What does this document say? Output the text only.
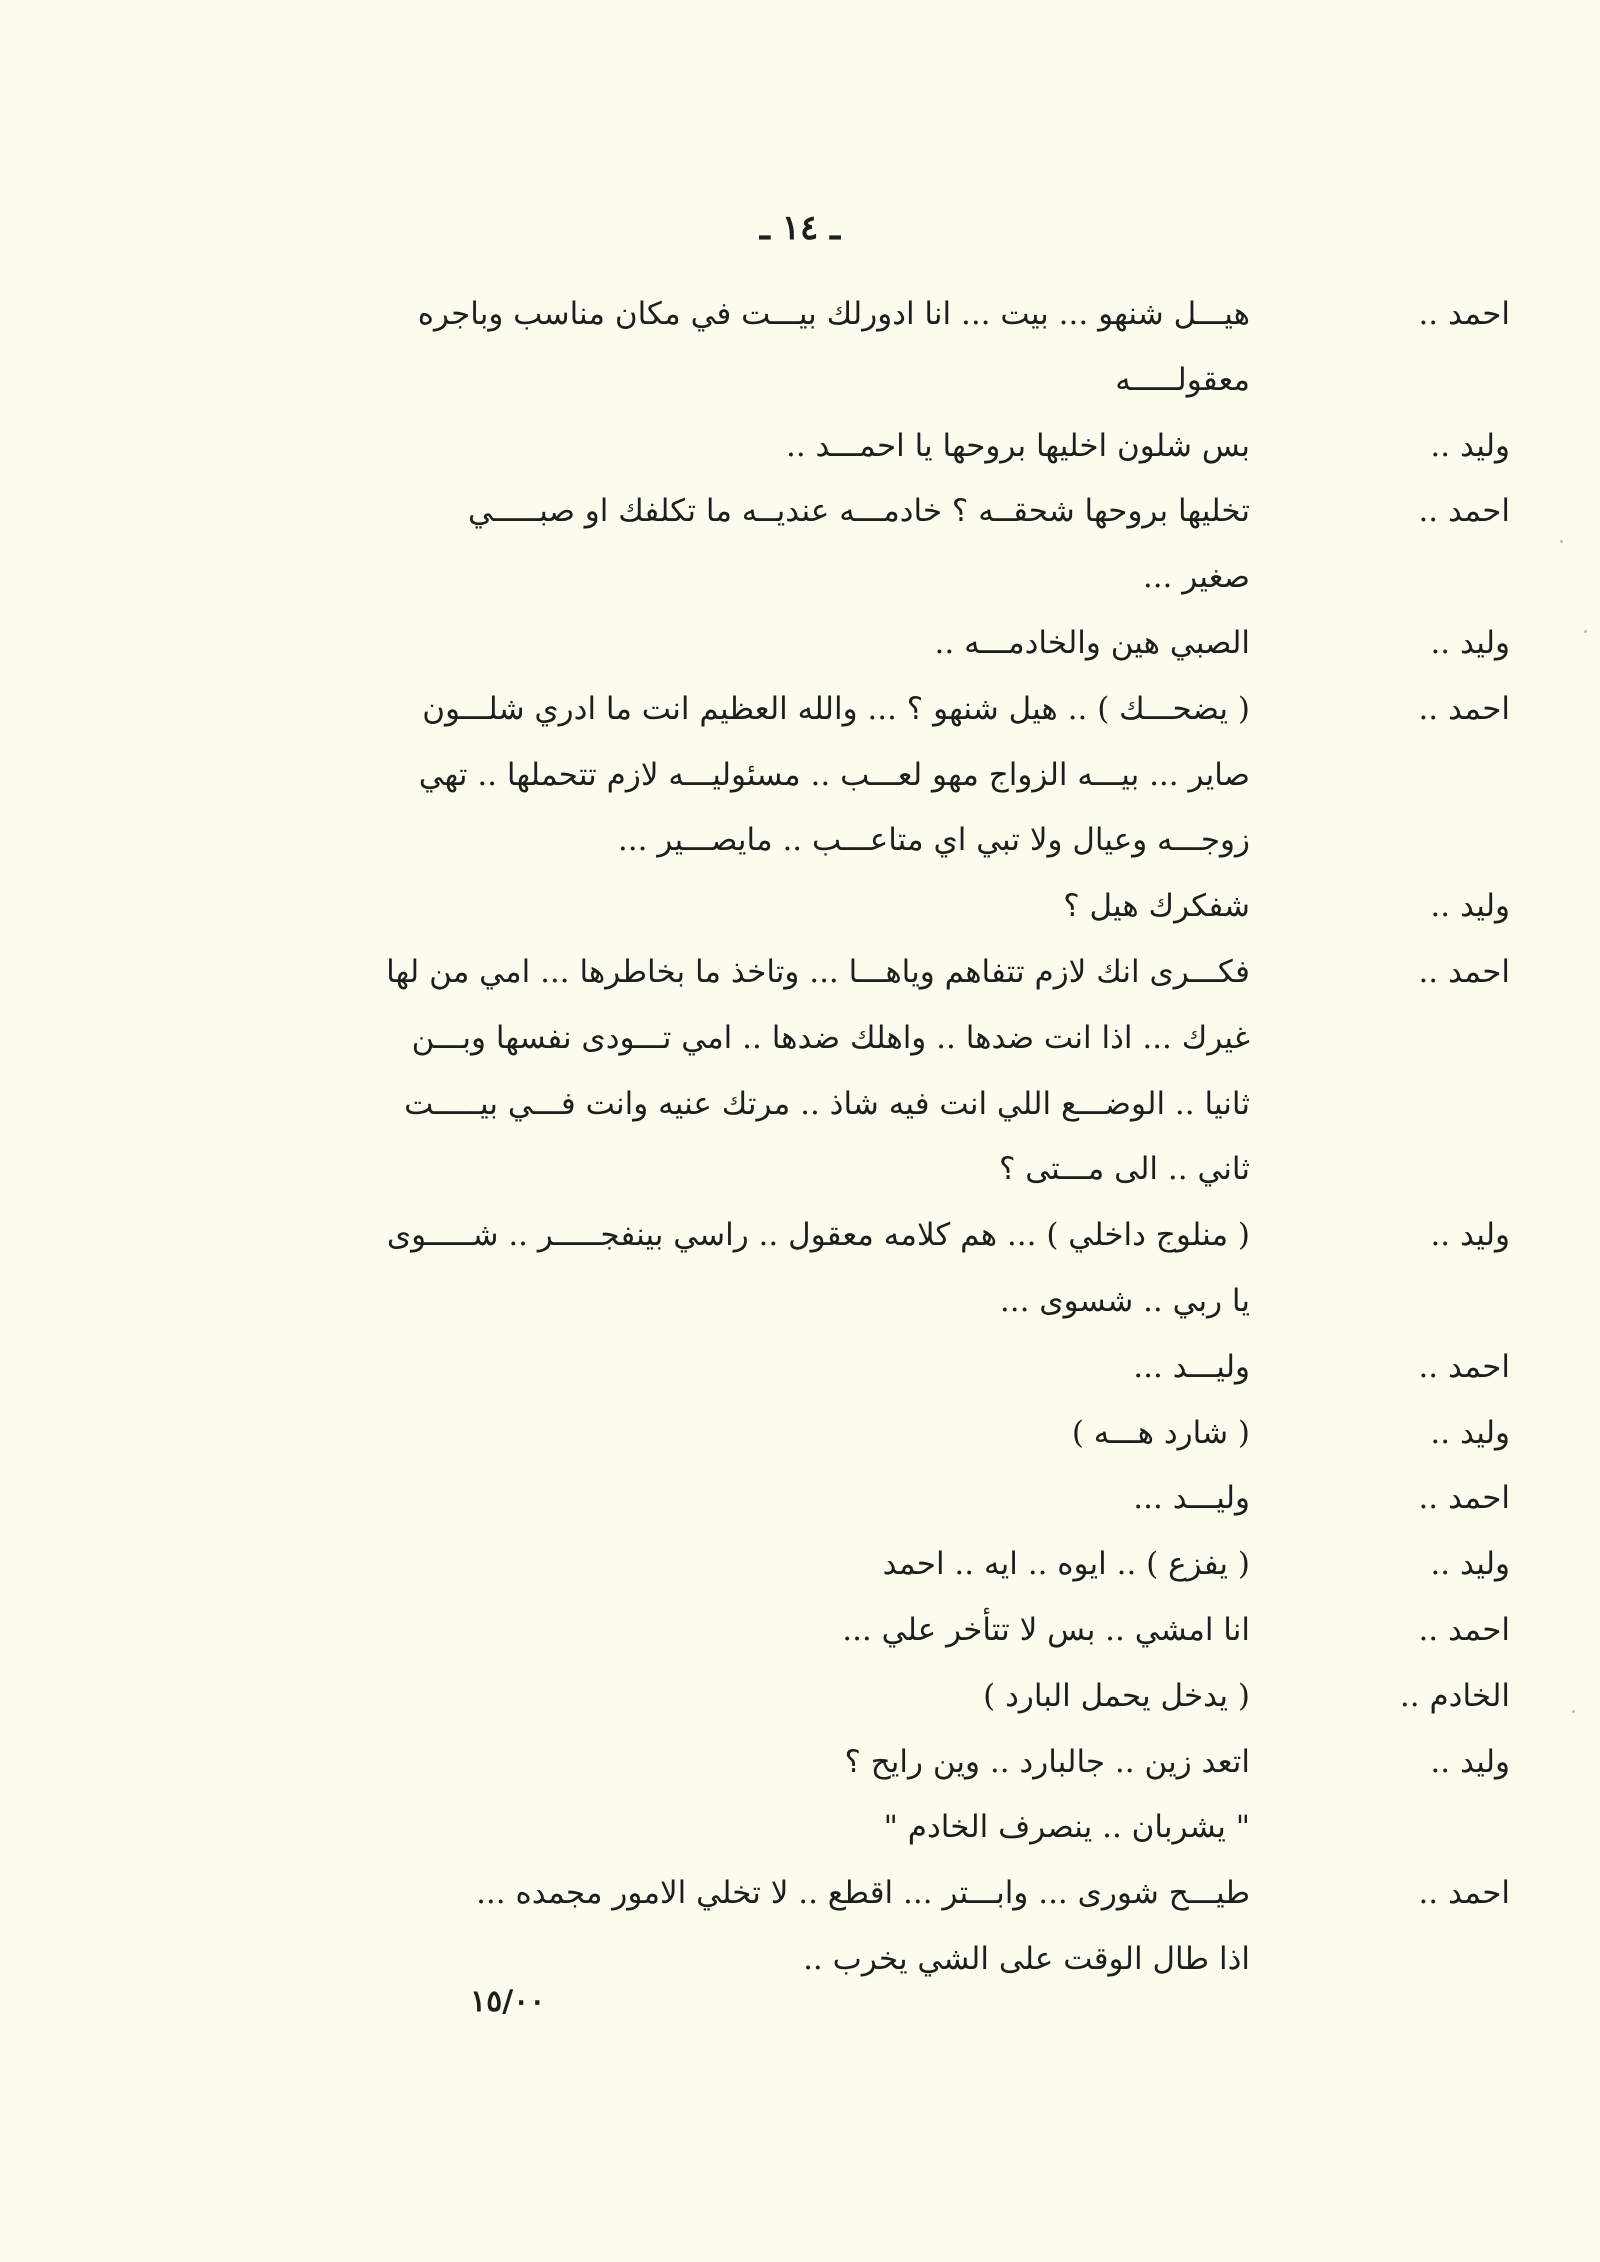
ـ ١٤ ـ
احمد ..
هيـــل شنهو ... بيت ... انا ادورلك بيـــت في مكان مناسب وباجره
معقولـــــه
وليد ..
بس شلون اخليها بروحها يا احمـــد ..
احمد ..
تخليها بروحها شحقــه ؟ خادمـــه عنديــه ما تكلفك او صبـــــي
صغير ...
وليد ..
الصبي هين والخادمـــه ..
احمد ..
( يضحـــك ) .. هيل شنهو ؟ ... والله العظيم انت ما ادري شلـــون
صاير ... بيـــه الزواج مهو لعـــب .. مسئوليـــه لازم تتحملها .. تهي
زوجـــه وعيال ولا تبي اي متاعـــب .. مايصـــير ...
وليد ..
شفكرك هيل ؟
احمد ..
فكـــرى انك لازم تتفاهم وياهـــا ... وتاخذ ما بخاطرها ... امي من لها
غيرك ... اذا انت ضدها .. واهلك ضدها .. امي تـــودى نفسها وبـــن
ثانيا .. الوضـــع اللي انت فيه شاذ .. مرتك عنيه وانت فـــي بيـــــت
ثاني .. الى مـــتى ؟
وليد ..
( منلوج داخلي ) ... هم كلامه معقول .. راسي بينفجـــــر .. شـــــوى
يا ربي .. شسوى ...
احمد ..
وليـــد ...
وليد ..
( شارد هـــه )
احمد ..
وليـــد ...
وليد ..
( يفزع ) .. ايوه .. ايه .. احمد
احمد ..
انا امشي .. بس لا تتأخر علي ...
الخادم ..
( يدخل يحمل البارد )
وليد ..
اتعد زين .. جالبارد .. وين رايح ؟
" يشربان .. ينصرف الخادم "
احمد ..
طيـــح شورى ... وابـــتر ... اقطع .. لا تخلي الامور مجمده ...
اذا طال الوقت على الشي يخرب ..
١٥/٠٠
